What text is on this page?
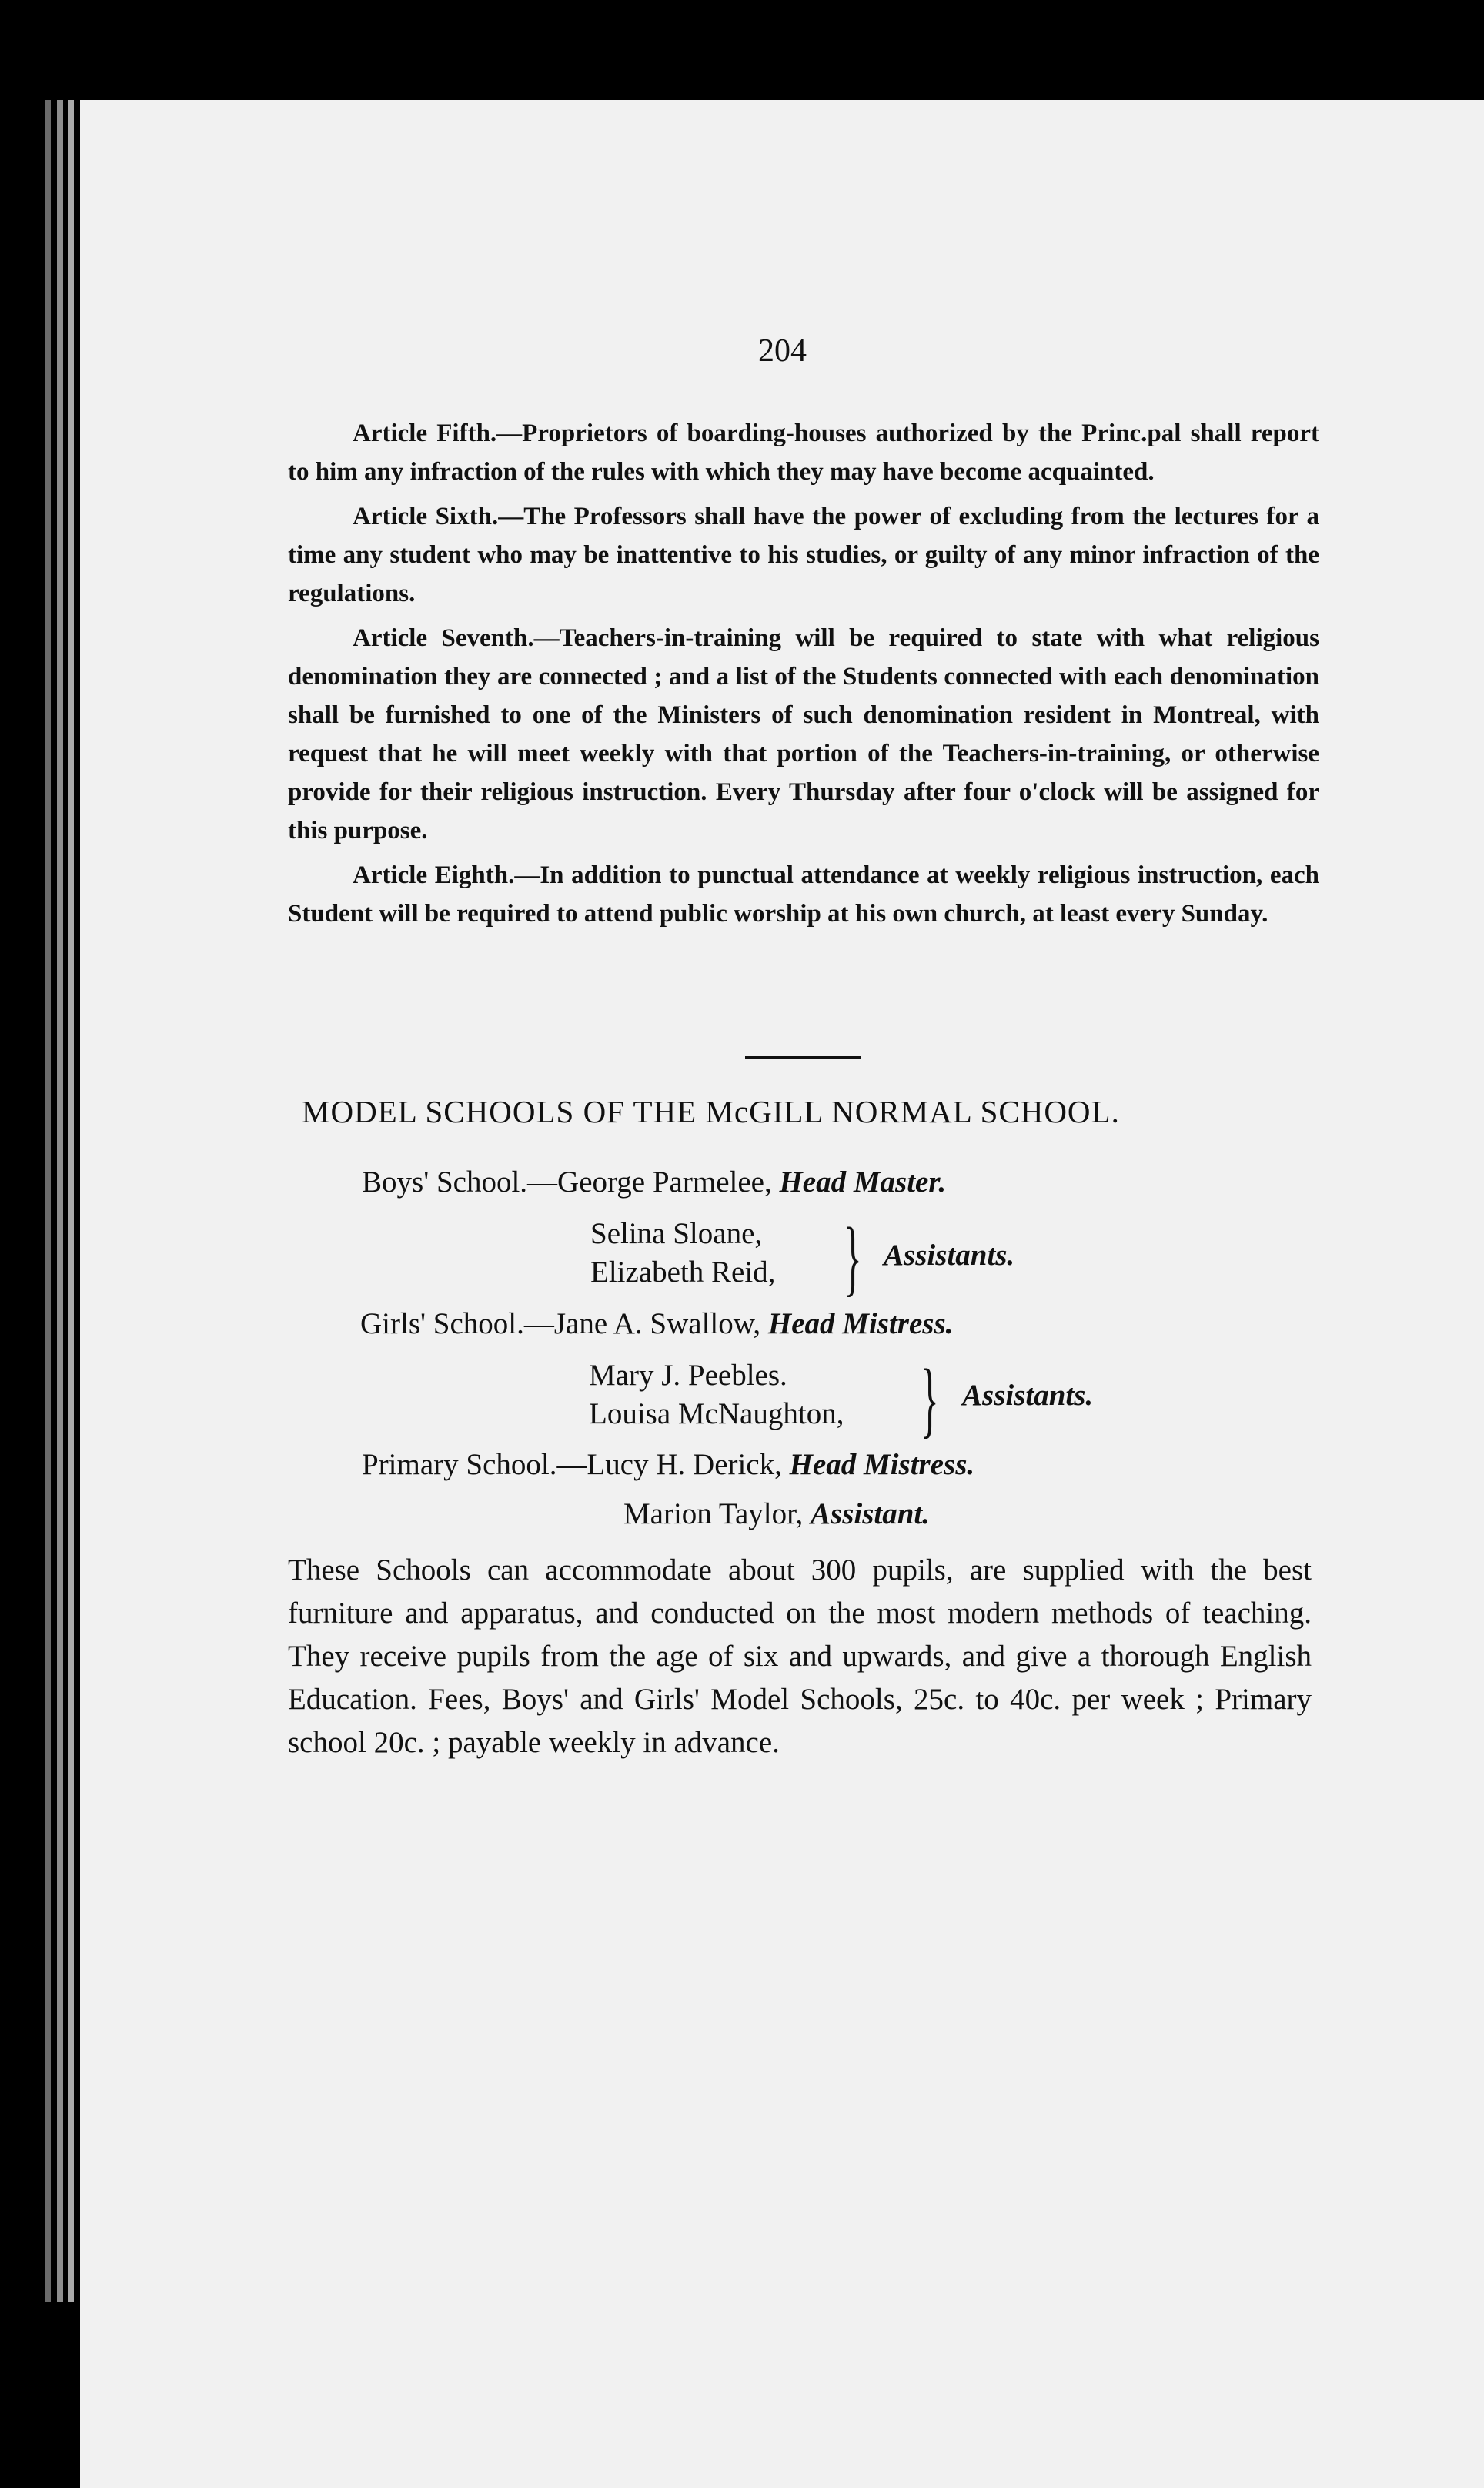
204

Article Fifth.—Proprietors of boarding-houses authorized by the Princ.pal shall report to him any infraction of the rules with which they may have become acquainted.

Article Sixth.—The Professors shall have the power of excluding from the lectures for a time any student who may be inattentive to his studies, or guilty of any minor infraction of the regulations.

Article Seventh.—Teachers-in-training will be required to state with what religious denomination they are connected ; and a list of the Students connected with each denomination shall be furnished to one of the Ministers of such denomination resident in Montreal, with request that he will meet weekly with that portion of the Teachers-in-training, or otherwise provide for their religious instruction. Every Thursday after four o'clock will be assigned for this purpose.

Article Eighth.—In addition to punctual attendance at weekly religious instruction, each Student will be required to attend public worship at his own church, at least every Sunday.

MODEL SCHOOLS OF THE McGILL NORMAL SCHOOL.
Boys' School.—George Parmelee, Head Master.
Selina Sloane,
Elizabeth Reid, } Assistants.
Girls' School.—Jane A. Swallow, Head Mistress.
Mary J. Peebles.
Louisa McNaughton, } Assistants.
Primary School.—Lucy H. Derick, Head Mistress.
Marion Taylor, Assistant.
These Schools can accommodate about 300 pupils, are supplied with the best furniture and apparatus, and conducted on the most modern methods of teaching. They receive pupils from the age of six and upwards, and give a thorough English Education. Fees, Boys' and Girls' Model Schools, 25c. to 40c. per week ; Primary school 20c. ; payable weekly in advance.
